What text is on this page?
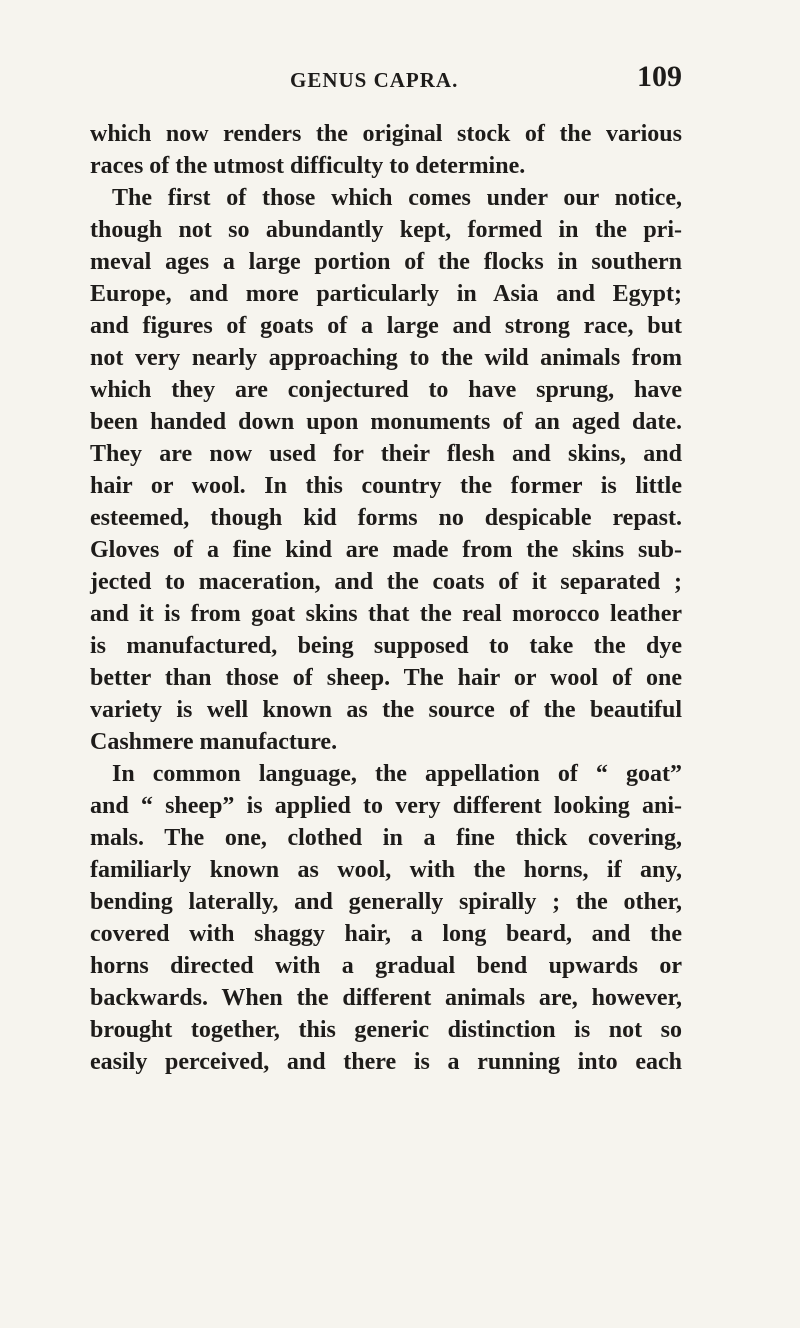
GENUS CAPRA.	109
which now renders the original stock of the various
races of the utmost difficulty to determine.
The first of those which comes under our notice,
though not so abundantly kept, formed in the pri-
meval ages a large portion of the flocks in southern
Europe, and more particularly in Asia and Egypt;
and figures of goats of a large and strong race, but
not very nearly approaching to the wild animals from
which they are conjectured to have sprung, have
been handed down upon monuments of an aged date.
They are now used for their flesh and skins, and
hair or wool. In this country the former is little
esteemed, though kid forms no despicable repast.
Gloves of a fine kind are made from the skins sub-
jected to maceration, and the coats of it separated ;
and it is from goat skins that the real morocco leather
is manufactured, being supposed to take the dye
better than those of sheep. The hair or wool of one
variety is well known as the source of the beautiful
Cashmere manufacture.
In common language, the appellation of “ goat”
and “ sheep” is applied to very different looking ani-
mals. The one, clothed in a fine thick covering,
familiarly known as wool, with the horns, if any,
bending laterally, and generally spirally ; the other,
covered with shaggy hair, a long beard, and the
horns directed with a gradual bend upwards or
backwards. When the different animals are, however,
brought together, this generic distinction is not so
easily perceived, and there is a running into each
